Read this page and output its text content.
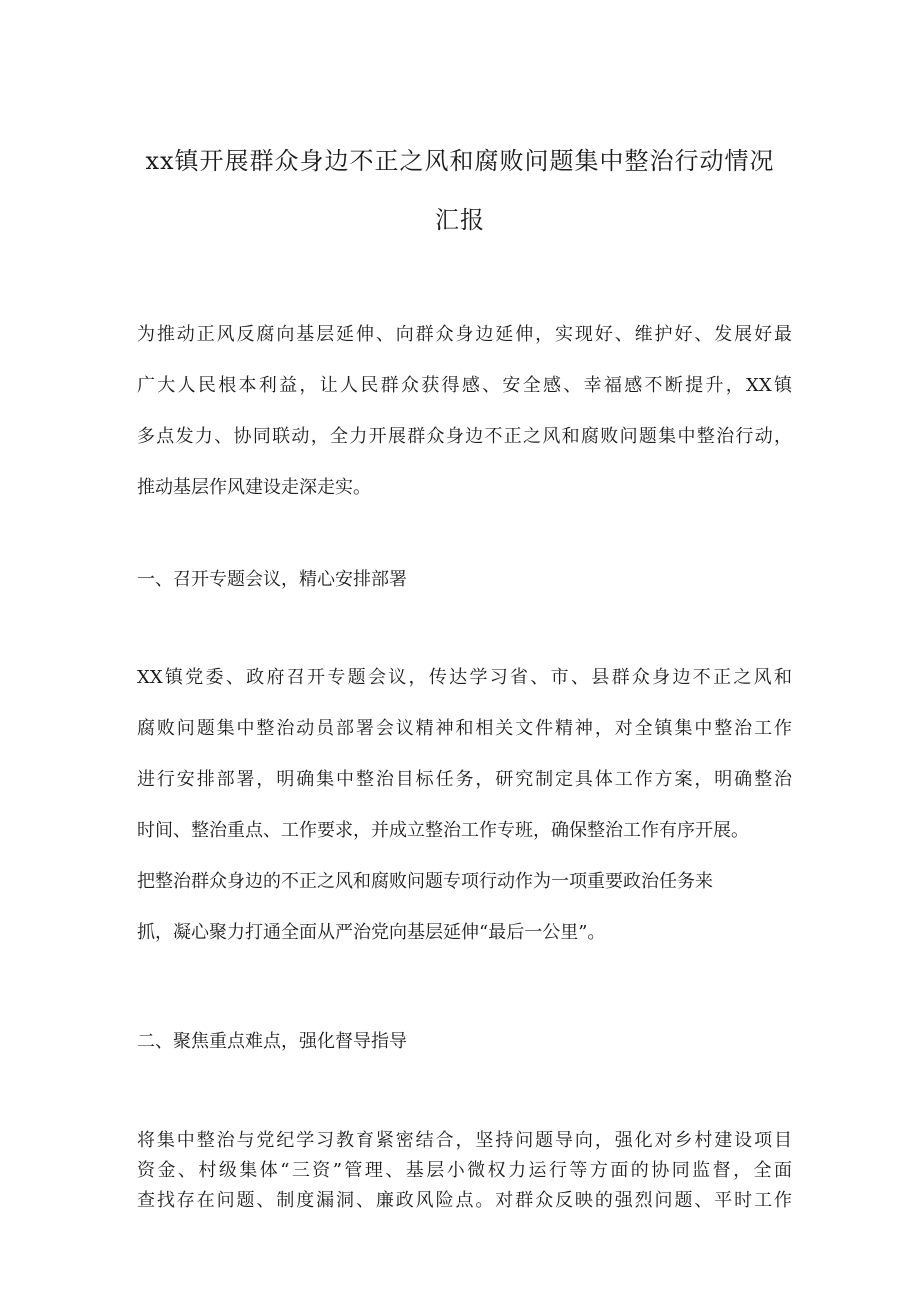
xx镇开展群众身边不正之风和腐败问题集中整治行动情况
汇报
为推动正风反腐向基层延伸、向群众身边延伸，实现好、维护好、发展好最
广大人民根本利益，让人民群众获得感、安全感、幸福感不断提升，XX镇
多点发力、协同联动，全力开展群众身边不正之风和腐败问题集中整治行动，
推动基层作风建设走深走实。
一、召开专题会议，精心安排部署
XX镇党委、政府召开专题会议，传达学习省、市、县群众身边不正之风和
腐败问题集中整治动员部署会议精神和相关文件精神，对全镇集中整治工作
进行安排部署，明确集中整治目标任务，研究制定具体工作方案，明确整治
时间、整治重点、工作要求，并成立整治工作专班，确保整治工作有序开展。
把整治群众身边的不正之风和腐败问题专项行动作为一项重要政治任务来
抓，凝心聚力打通全面从严治党向基层延伸“最后一公里”。
二、聚焦重点难点，强化督导指导
将集中整治与党纪学习教育紧密结合，坚持问题导向，强化对乡村建设项目
资金、村级集体“三资”管理、基层小微权力运行等方面的协同监督，全面
查找存在问题、制度漏洞、廉政风险点。对群众反映的强烈问题、平时工作
